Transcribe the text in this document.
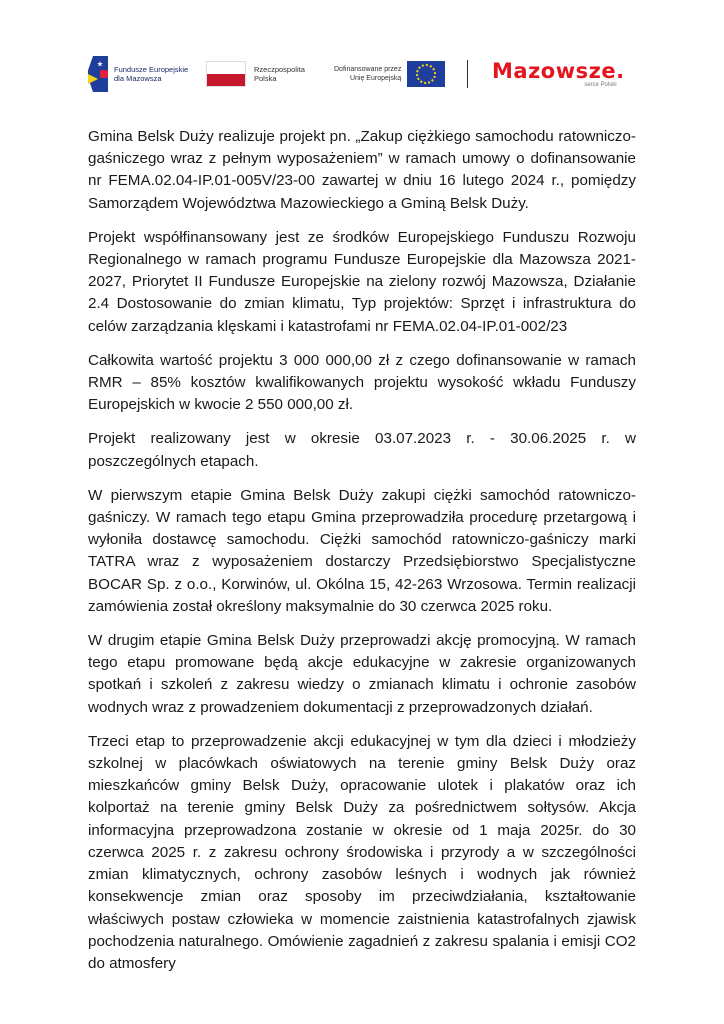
Fundusze Europejskie
dla Mazowsza
Rzeczpospolita
Polska
Dofinansowane przez
Unię Europejską	Mazowsze.
serce Polski

Gmina Belsk Duży realizuje projekt pn. „Zakup ciężkiego samochodu ratowniczo-gaśniczego wraz z pełnym wyposażeniem” w ramach umowy o dofinansowanie nr FEMA.02.04-IP.01-005V/23-00 zawartej w dniu 16 lutego 2024 r., pomiędzy Samorządem Województwa Mazowieckiego a Gminą Belsk Duży.

Projekt współfinansowany jest ze środków Europejskiego Funduszu Rozwoju Regionalnego w ramach programu Fundusze Europejskie dla Mazowsza 2021-2027, Priorytet II Fundusze Europejskie na zielony rozwój Mazowsza, Działanie 2.4 Dostosowanie do zmian klimatu, Typ projektów: Sprzęt i infrastruktura do celów zarządzania klęskami i katastrofami nr FEMA.02.04-IP.01-002/23

Całkowita wartość projektu 3 000 000,00 zł z czego dofinansowanie w ramach RMR – 85% kosztów kwalifikowanych projektu wysokość wkładu Funduszy Europejskich w kwocie 2 550 000,00 zł.

Projekt realizowany jest w okresie 03.07.2023 r. - 30.06.2025 r. w poszczególnych etapach.

W pierwszym etapie Gmina Belsk Duży zakupi ciężki samochód ratowniczo-gaśniczy. W ramach tego etapu Gmina przeprowadziła procedurę przetargową i wyłoniła dostawcę samochodu. Ciężki samochód ratowniczo-gaśniczy marki TATRA wraz z wyposażeniem dostarczy Przedsiębiorstwo Specjalistyczne BOCAR Sp. z o.o., Korwinów, ul. Okólna 15, 42-263 Wrzosowa. Termin realizacji zamówienia został określony maksymalnie do 30 czerwca 2025 roku.

W drugim etapie Gmina Belsk Duży przeprowadzi akcję promocyjną. W ramach tego etapu promowane będą akcje edukacyjne w zakresie organizowanych spotkań i szkoleń z zakresu wiedzy o zmianach klimatu i ochronie zasobów wodnych wraz z prowadzeniem dokumentacji z przeprowadzonych działań.

Trzeci etap to przeprowadzenie akcji edukacyjnej w tym dla dzieci i młodzieży szkolnej w placówkach oświatowych na terenie gminy Belsk Duży oraz mieszkańców gminy Belsk Duży, opracowanie ulotek i plakatów oraz ich kolportaż na terenie gminy Belsk Duży za pośrednictwem sołtysów. Akcja informacyjna przeprowadzona zostanie w okresie od 1 maja 2025r. do 30 czerwca 2025 r. z zakresu ochrony środowiska i przyrody a w szczególności zmian klimatycznych, ochrony zasobów leśnych i wodnych jak również konsekwencje zmian oraz sposoby im przeciwdziałania, kształtowanie właściwych postaw człowieka w momencie zaistnienia katastrofalnych zjawisk pochodzenia naturalnego. Omówienie zagadnień z zakresu spalania i emisji CO2 do atmosfery
